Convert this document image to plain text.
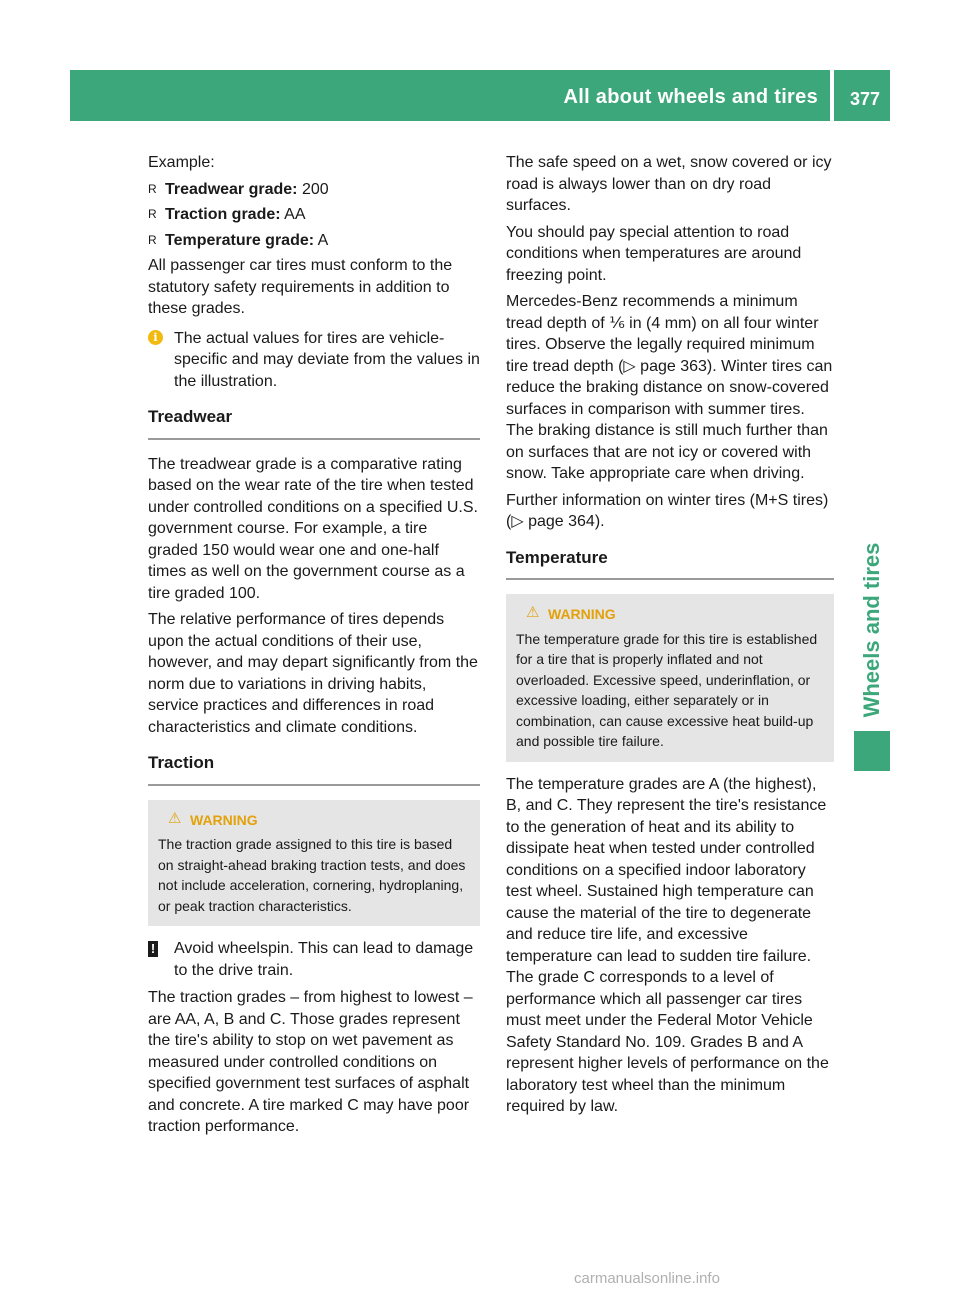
All about wheels and tires 377
Wheels and tires

Example:

R Treadwear grade: 200
R Traction grade: AA
R Temperature grade: A

All passenger car tires must conform to the statutory safety requirements in addition to these grades.

i	The actual values for tires are vehicle-specific and may deviate from the values in the illustration.
Treadwear

The treadwear grade is a comparative rating based on the wear rate of the tire when tested under controlled conditions on a specified U.S. government course. For example, a tire graded 150 would wear one and one-half times as well on the government course as a tire graded 100.

The relative performance of tires depends upon the actual conditions of their use, however, and may depart significantly from the norm due to variations in driving habits, service practices and differences in road characteristics and climate conditions.

Traction
⚠ WARNING
The traction grade assigned to this tire is based on straight-ahead braking traction tests, and does not include acceleration, cornering, hydroplaning, or peak traction characteristics.
! Avoid wheelspin. This can lead to damage to the drive train.

The traction grades – from highest to lowest – are AA, A, B and C. Those grades represent the tire's ability to stop on wet pavement as measured under controlled conditions on specified government test surfaces of asphalt and concrete. A tire marked C may have poor traction performance.

The safe speed on a wet, snow covered or icy road is always lower than on dry road surfaces.

You should pay special attention to road conditions when temperatures are around freezing point.

Mercedes-Benz recommends a minimum tread depth of ⅙ in (4 mm) on all four winter tires. Observe the legally required minimum tire tread depth (▷ page 363). Winter tires can reduce the braking distance on snow-covered surfaces in comparison with summer tires. The braking distance is still much further than on surfaces that are not icy or covered with snow. Take appropriate care when driving.

Further information on winter tires (M+S tires) (▷ page 364).

Temperature
⚠ WARNING
The temperature grade for this tire is established for a tire that is properly inflated and not overloaded. Excessive speed, underinflation, or excessive loading, either separately or in combination, can cause excessive heat build-up and possible tire failure.

The temperature grades are A (the highest), B, and C. They represent the tire's resistance to the generation of heat and its ability to dissipate heat when tested under controlled conditions on a specified indoor laboratory test wheel. Sustained high temperature can cause the material of the tire to degenerate and reduce tire life, and excessive temperature can lead to sudden tire failure. The grade C corresponds to a level of performance which all passenger car tires must meet under the Federal Motor Vehicle Safety Standard No. 109. Grades B and A represent higher levels of performance on the laboratory test wheel than the minimum required by law.

carmanualsonline.info
